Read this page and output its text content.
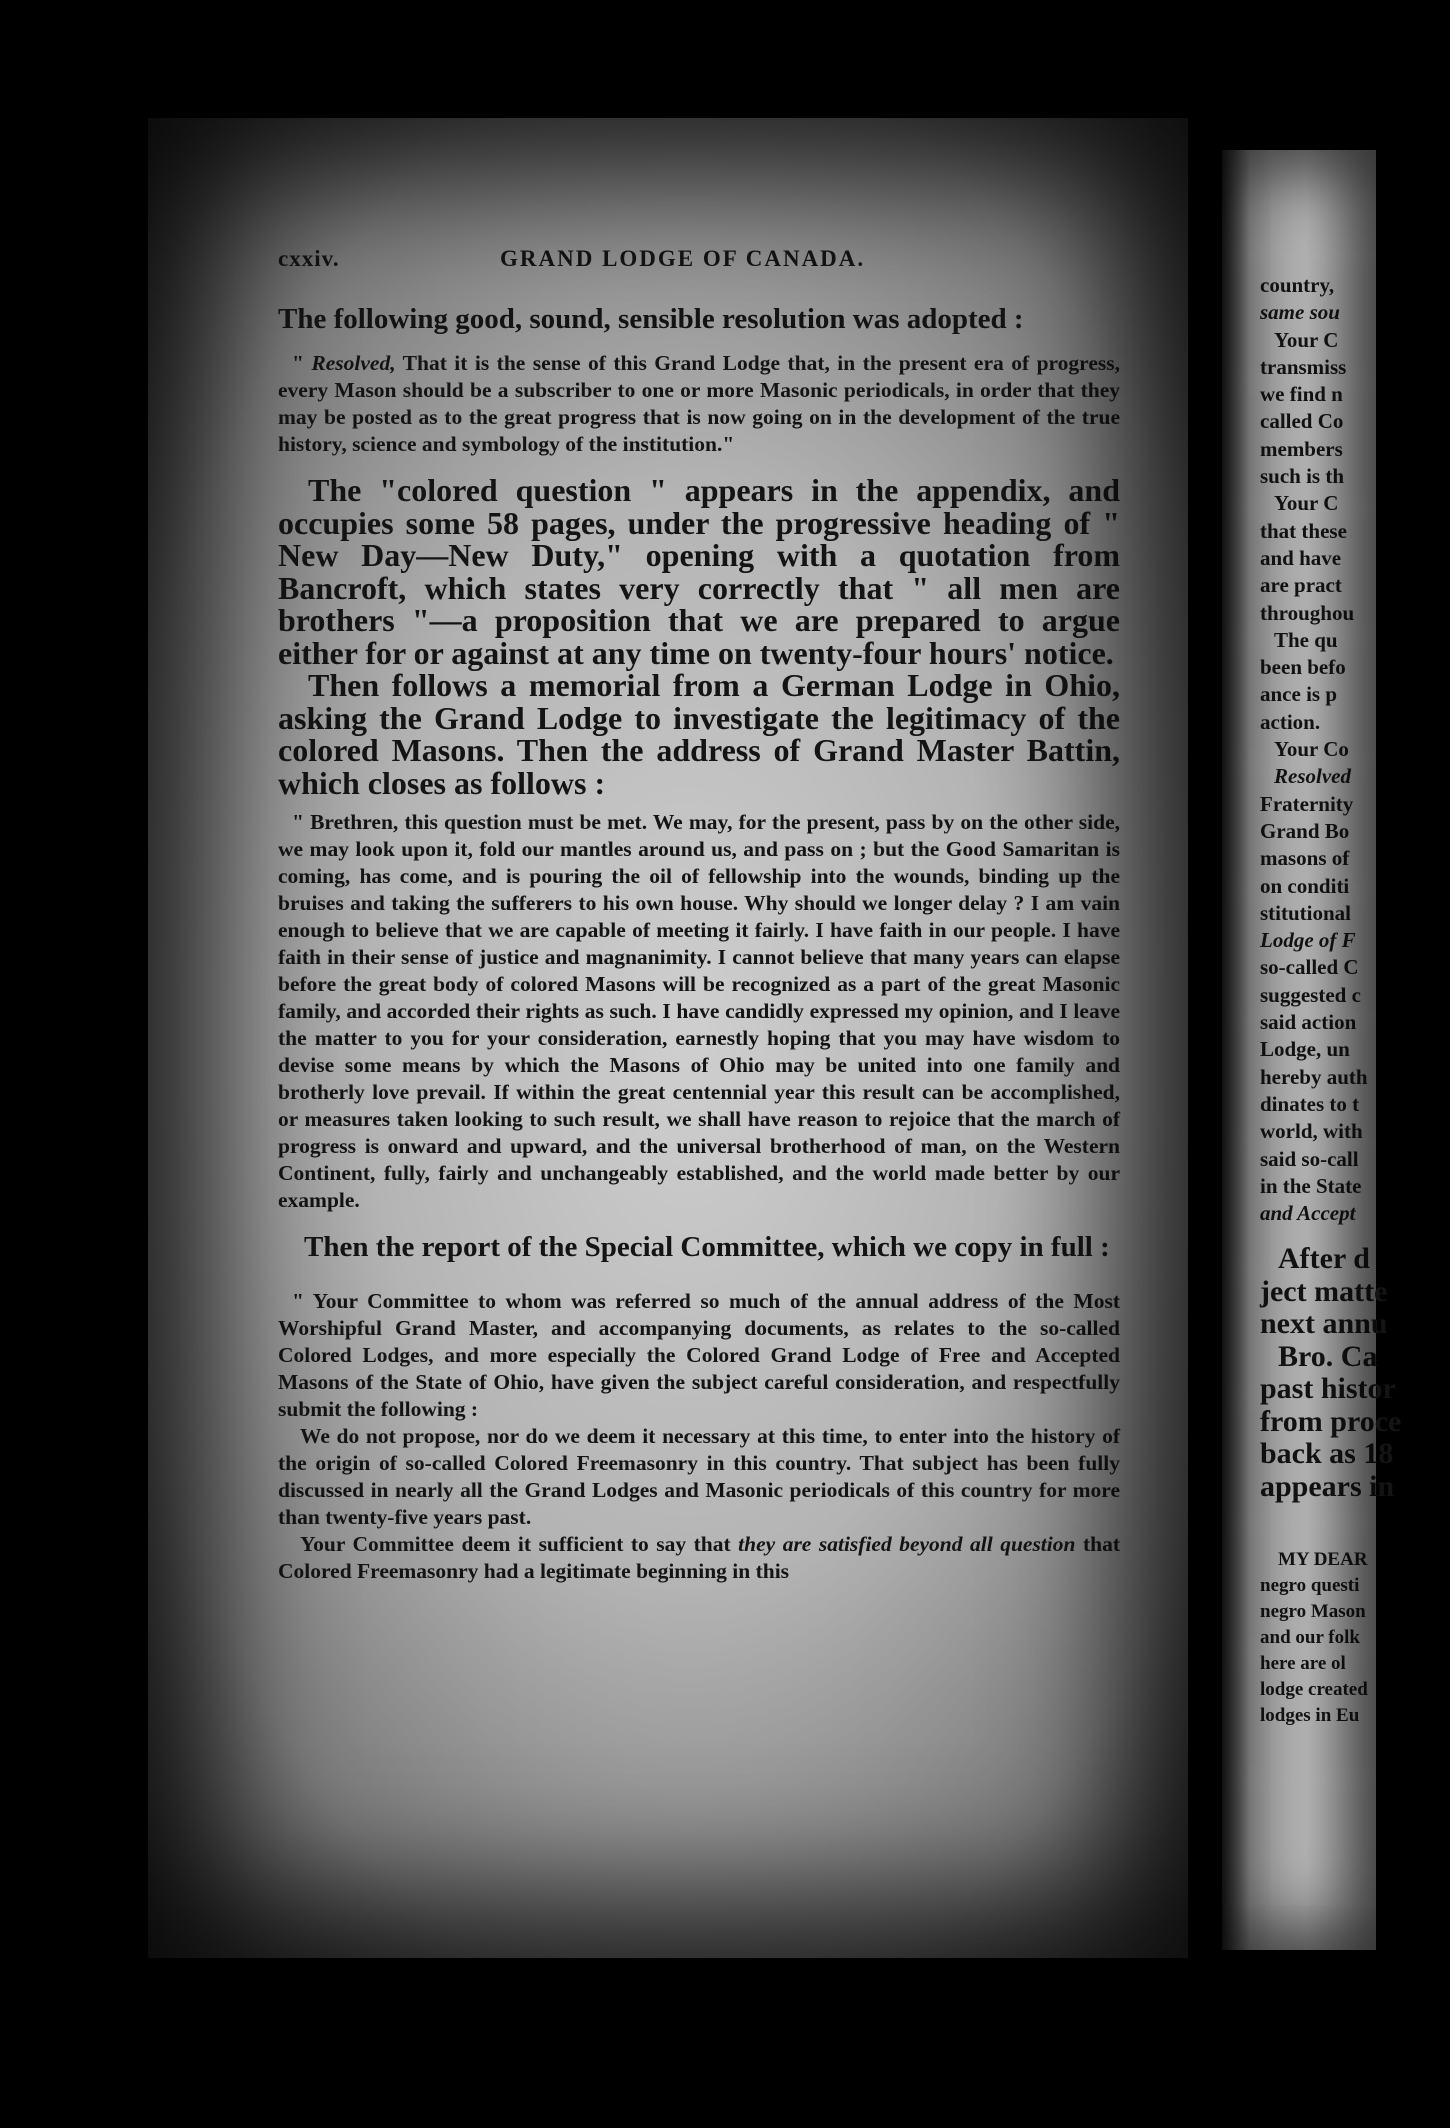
cxxiv.	GRAND LODGE OF CANADA.

The following good, sound, sensible resolution was adopted :

" Resolved, That it is the sense of this Grand Lodge that, in the present era of progress, every Mason should be a subscriber to one or more Masonic periodicals, in order that they may be posted as to the great progress that is now going on in the development of the true history, science and symbology of the institution."

The "colored question " appears in the appendix, and occupies some 58 pages, under the progressive heading of " New Day—New Duty," opening with a quotation from Bancroft, which states very correctly that " all men are brothers "—a proposition that we are prepared to argue either for or against at any time on twenty-four hours' notice.

Then follows a memorial from a German Lodge in Ohio, asking the Grand Lodge to investigate the legitimacy of the colored Masons. Then the address of Grand Master Battin, which closes as follows :

" Brethren, this question must be met. We may, for the present, pass by on the other side, we may look upon it, fold our mantles around us, and pass on ; but the Good Samaritan is coming, has come, and is pouring the oil of fellowship into the wounds, binding up the bruises and taking the sufferers to his own house. Why should we longer delay ? I am vain enough to believe that we are capable of meeting it fairly. I have faith in our people. I have faith in their sense of justice and magnanimity. I cannot believe that many years can elapse before the great body of colored Masons will be recognized as a part of the great Masonic family, and accorded their rights as such. I have candidly expressed my opinion, and I leave the matter to you for your consideration, earnestly hoping that you may have wisdom to devise some means by which the Masons of Ohio may be united into one family and brotherly love prevail. If within the great centennial year this result can be accomplished, or measures taken looking to such result, we shall have reason to rejoice that the march of progress is onward and upward, and the universal brotherhood of man, on the Western Continent, fully, fairly and unchangeably established, and the world made better by our example.

Then the report of the Special Committee, which we copy in full :

" Your Committee to whom was referred so much of the annual address of the Most Worshipful Grand Master, and accompanying documents, as relates to the so-called Colored Lodges, and more especially the Colored Grand Lodge of Free and Accepted Masons of the State of Ohio, have given the subject careful consideration, and respectfully submit the following :

We do not propose, nor do we deem it necessary at this time, to enter into the history of the origin of so-called Colored Freemasonry in this country. That subject has been fully discussed in nearly all the Grand Lodges and Masonic periodicals of this country for more than twenty-five years past.

Your Committee deem it sufficient to say that they are satisfied beyond all question that Colored Freemasonry had a legitimate beginning in this

country,
same sou
Your C
transmiss
we find n
called Co
members
such is th
Your C
that these
and have
are pract
throughou
The qu
been befo
ance is p
action.
Your Co
Resolved
Fraternity
Grand Bo
masons of
on conditi
stitutional
Lodge of F
so-called C
suggested c
said action
Lodge, un
hereby auth
dinates to t
world, with
said so-call
in the State
and Accept
After d
ject matte
next annu
Bro. Ca
past histor
from proce
back as 18
appears in
MY DEAR
negro questi
negro Mason
and our folk
here are ol
lodge created
lodges in Eu
